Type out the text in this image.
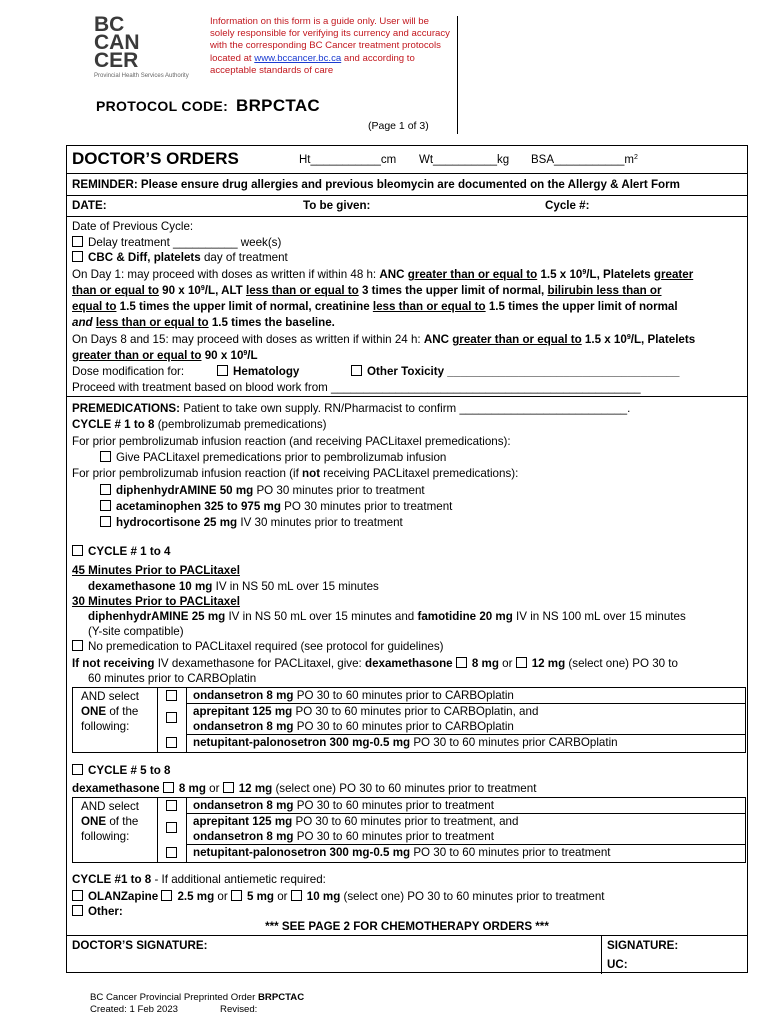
BC
CAN
CER
Provincial Health Services Authority
Information on this form is a guide only. User will be solely responsible for verifying its currency and accuracy with the corresponding BC Cancer treatment protocols located at www.bccancer.bc.ca and according to acceptable standards of care
PROTOCOL CODE: BRPCTAC
(Page 1 of 3)
DOCTOR’S ORDERS	Ht___________cm Wt__________kg $BSA\_\_\_\_\_\_\_\_\_\_\_m^2$
REMINDER: Please ensure drug allergies and previous bleomycin are documented on the Allergy & Alert Form
DATE:	To be given:	Cycle #:
Date of Previous Cycle:
Delay treatment __________ week(s)
CBC & Diff, platelets day of treatment
On Day 1: may proceed with doses as written if within 48 h: ANC greater than or equal to 1.5 x $10^9/L$, Platelets greater
than or equal to 90 x $10^9/L$, ALT less than or equal to 3 times the upper limit of normal, bilirubin less than or
equal to 1.5 times the upper limit of normal, creatinine less than or equal to 1.5 times the upper limit of normal
and less than or equal to 1.5 times the baseline.
On Days 8 and 15: may proceed with doses as written if within 24 h: ANC greater than or equal to 1.5 x $10^9/L$, Platelets
greater than or equal to 90 x $10^9/L$
Dose modification for:	Hematology	Other Toxicity ____________________________________
Proceed with treatment based on blood work from ________________________________________________
PREMEDICATIONS: Patient to take own supply. RN/Pharmacist to confirm __________________________.
CYCLE # 1 to 8 (pembrolizumab premedications)
For prior pembrolizumab infusion reaction (and receiving PACLitaxel premedications):
Give PACLitaxel premedications prior to pembrolizumab infusion
For prior pembrolizumab infusion reaction (if not receiving PACLitaxel premedications):
diphenhydrAMINE 50 mg PO 30 minutes prior to treatment
acetaminophen 325 to 975 mg PO 30 minutes prior to treatment
hydrocortisone 25 mg IV 30 minutes prior to treatment
CYCLE # 1 to 4
45 Minutes Prior to PACLitaxel
dexamethasone 10 mg IV in NS 50 mL over 15 minutes
30 Minutes Prior to PACLitaxel
diphenhydrAMINE 25 mg IV in NS 50 mL over 15 minutes and famotidine 20 mg IV in NS 100 mL over 15 minutes
(Y-site compatible)
No premedication to PACLitaxel required (see protocol for guidelines)
If not receiving IV dexamethasone for PACLitaxel, give: dexamethasone 8 mg or 12 mg (select one) PO 30 to
60 minutes prior to CARBOplatin
AND select
ONE of the
following:
ondansetron 8 mg PO 30 to 60 minutes prior to CARBOplatin
aprepitant 125 mg PO 30 to 60 minutes prior to CARBOplatin, and
ondansetron 8 mg PO 30 to 60 minutes prior to CARBOplatin
netupitant-palonosetron 300 mg-0.5 mg PO 30 to 60 minutes prior CARBOplatin
CYCLE # 5 to 8
dexamethasone 8 mg or 12 mg (select one) PO 30 to 60 minutes prior to treatment
AND select
ONE of the
following:
ondansetron 8 mg PO 30 to 60 minutes prior to treatment
aprepitant 125 mg PO 30 to 60 minutes prior to treatment, and
ondansetron 8 mg PO 30 to 60 minutes prior to treatment
netupitant-palonosetron 300 mg-0.5 mg PO 30 to 60 minutes prior to treatment
CYCLE #1 to 8 - If additional antiemetic required:
OLANZapine 2.5 mg or 5 mg or 10 mg (select one) PO 30 to 60 minutes prior to treatment
Other:
*** SEE PAGE 2 FOR CHEMOTHERAPY ORDERS ***
DOCTOR’S SIGNATURE:	SIGNATURE:
UC:
BC Cancer Provincial Preprinted Order BRPCTAC
Created: 1 Feb 2023	Revised:
